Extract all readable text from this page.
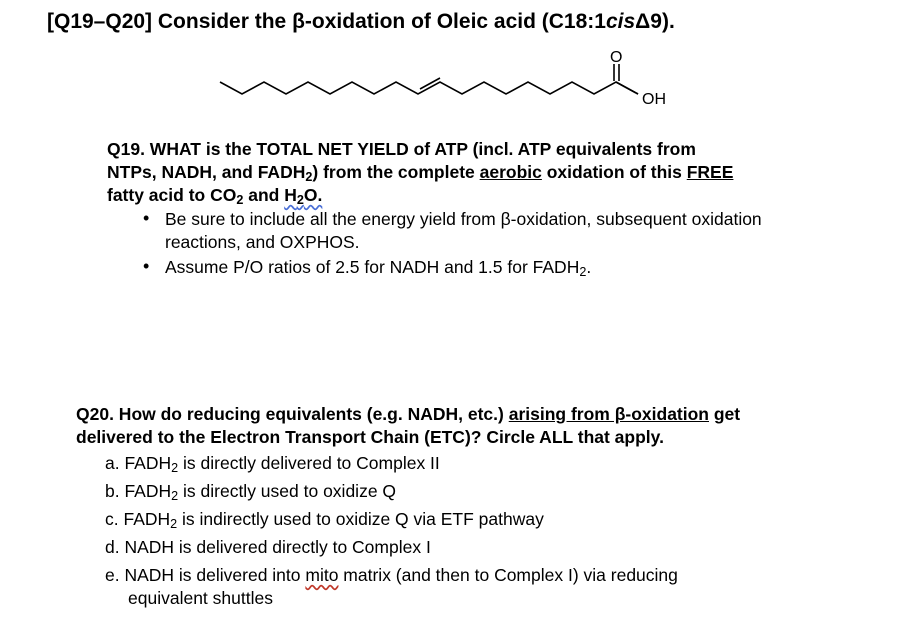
[Q19–Q20] Consider the β-oxidation of Oleic acid (C18:1cisΔ9).
O
OH
Q19. WHAT is the TOTAL NET YIELD of ATP (incl. ATP equivalents from
NTPs, NADH, and $FADH_2$) from the complete aerobic oxidation of this FREE
fatty acid to $CO_2$ and $H_2O$.
• Be sure to include all the energy yield from β-oxidation, subsequent oxidation
reactions, and OXPHOS.
• Assume P/O ratios of 2.5 for NADH and 1.5 for $FADH_2$.
Q20. How do reducing equivalents (e.g. NADH, etc.) arising from β-oxidation get
delivered to the Electron Transport Chain (ETC)? Circle ALL that apply.
a. $FADH_2$ is directly delivered to Complex II
b. $FADH_2$ is directly used to oxidize Q
c. $FADH_2$ is indirectly used to oxidize Q via ETF pathway
d. NADH is delivered directly to Complex I
e. NADH is delivered into mito matrix (and then to Complex I) via reducing
equivalent shuttles
